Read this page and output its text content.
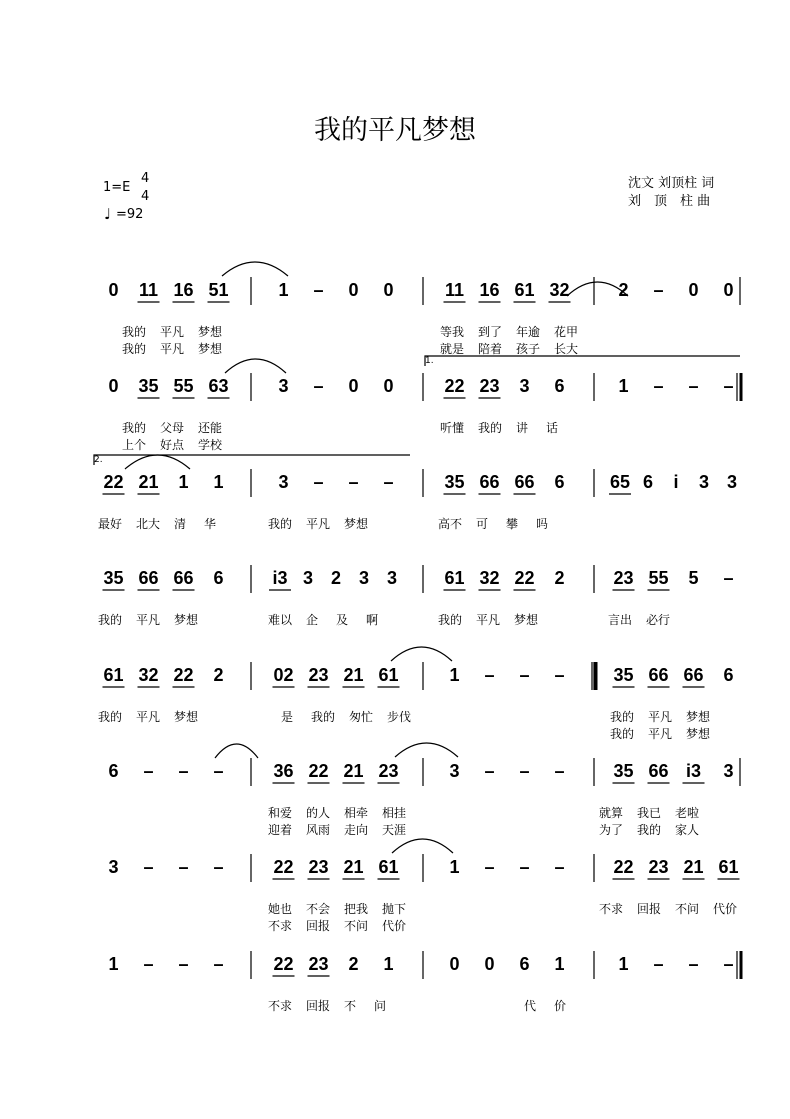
我的平凡梦想
1=E
4
4
♩ =92
沈文 刘顶柱 词
刘　顶　柱 曲
0	11 16 51	1	–	0	0	11 16 61 32	2	–	0	0
我的 平凡 梦想	等我 到了 年逾 花甲
我的 平凡 梦想	就是 陪着 孩子 长大
0	35 55 63	3	–	0	0	22 23	3	6	1	–	–	–
我的 父母 还能	听懂 我的 讲 话
上个 好点 学校
22 21	1	1	3	–	–	–	35 66 66	6	65 6	i	3 3
最好 北大 清 华	我的 平凡 梦想	高不 可 攀 吗
35 66 66	6	i3 3 2 3 3	61 32 22	2	23 55	5	–
我的 平凡 梦想	难以 企 及 啊	我的 平凡 梦想	言出 必行
61 32 22	2	02 23 21 61	1	–	–	–	35 66 66	6
我的 平凡 梦想	是 我的 匆忙 步伐	我的 平凡 梦想
我的 平凡 梦想
6	–	–	–	36 22 21 23	3	–	–	–	35 66 i3	3
和爱 的人 相牵 相挂	就算 我已 老啦
迎着 风雨 走向 天涯	为了 我的 家人
3	–	–	–	22 23 21 61	1	–	–	–	22 23 21 61
她也 不会 把我 抛下	不求 回报 不问 代价
不求 回报 不问 代价
1	–	–	–	22 23	2	1	0	0	6	1	1	–	–	–
不求 回报 不 问	代 价
1.
2.
